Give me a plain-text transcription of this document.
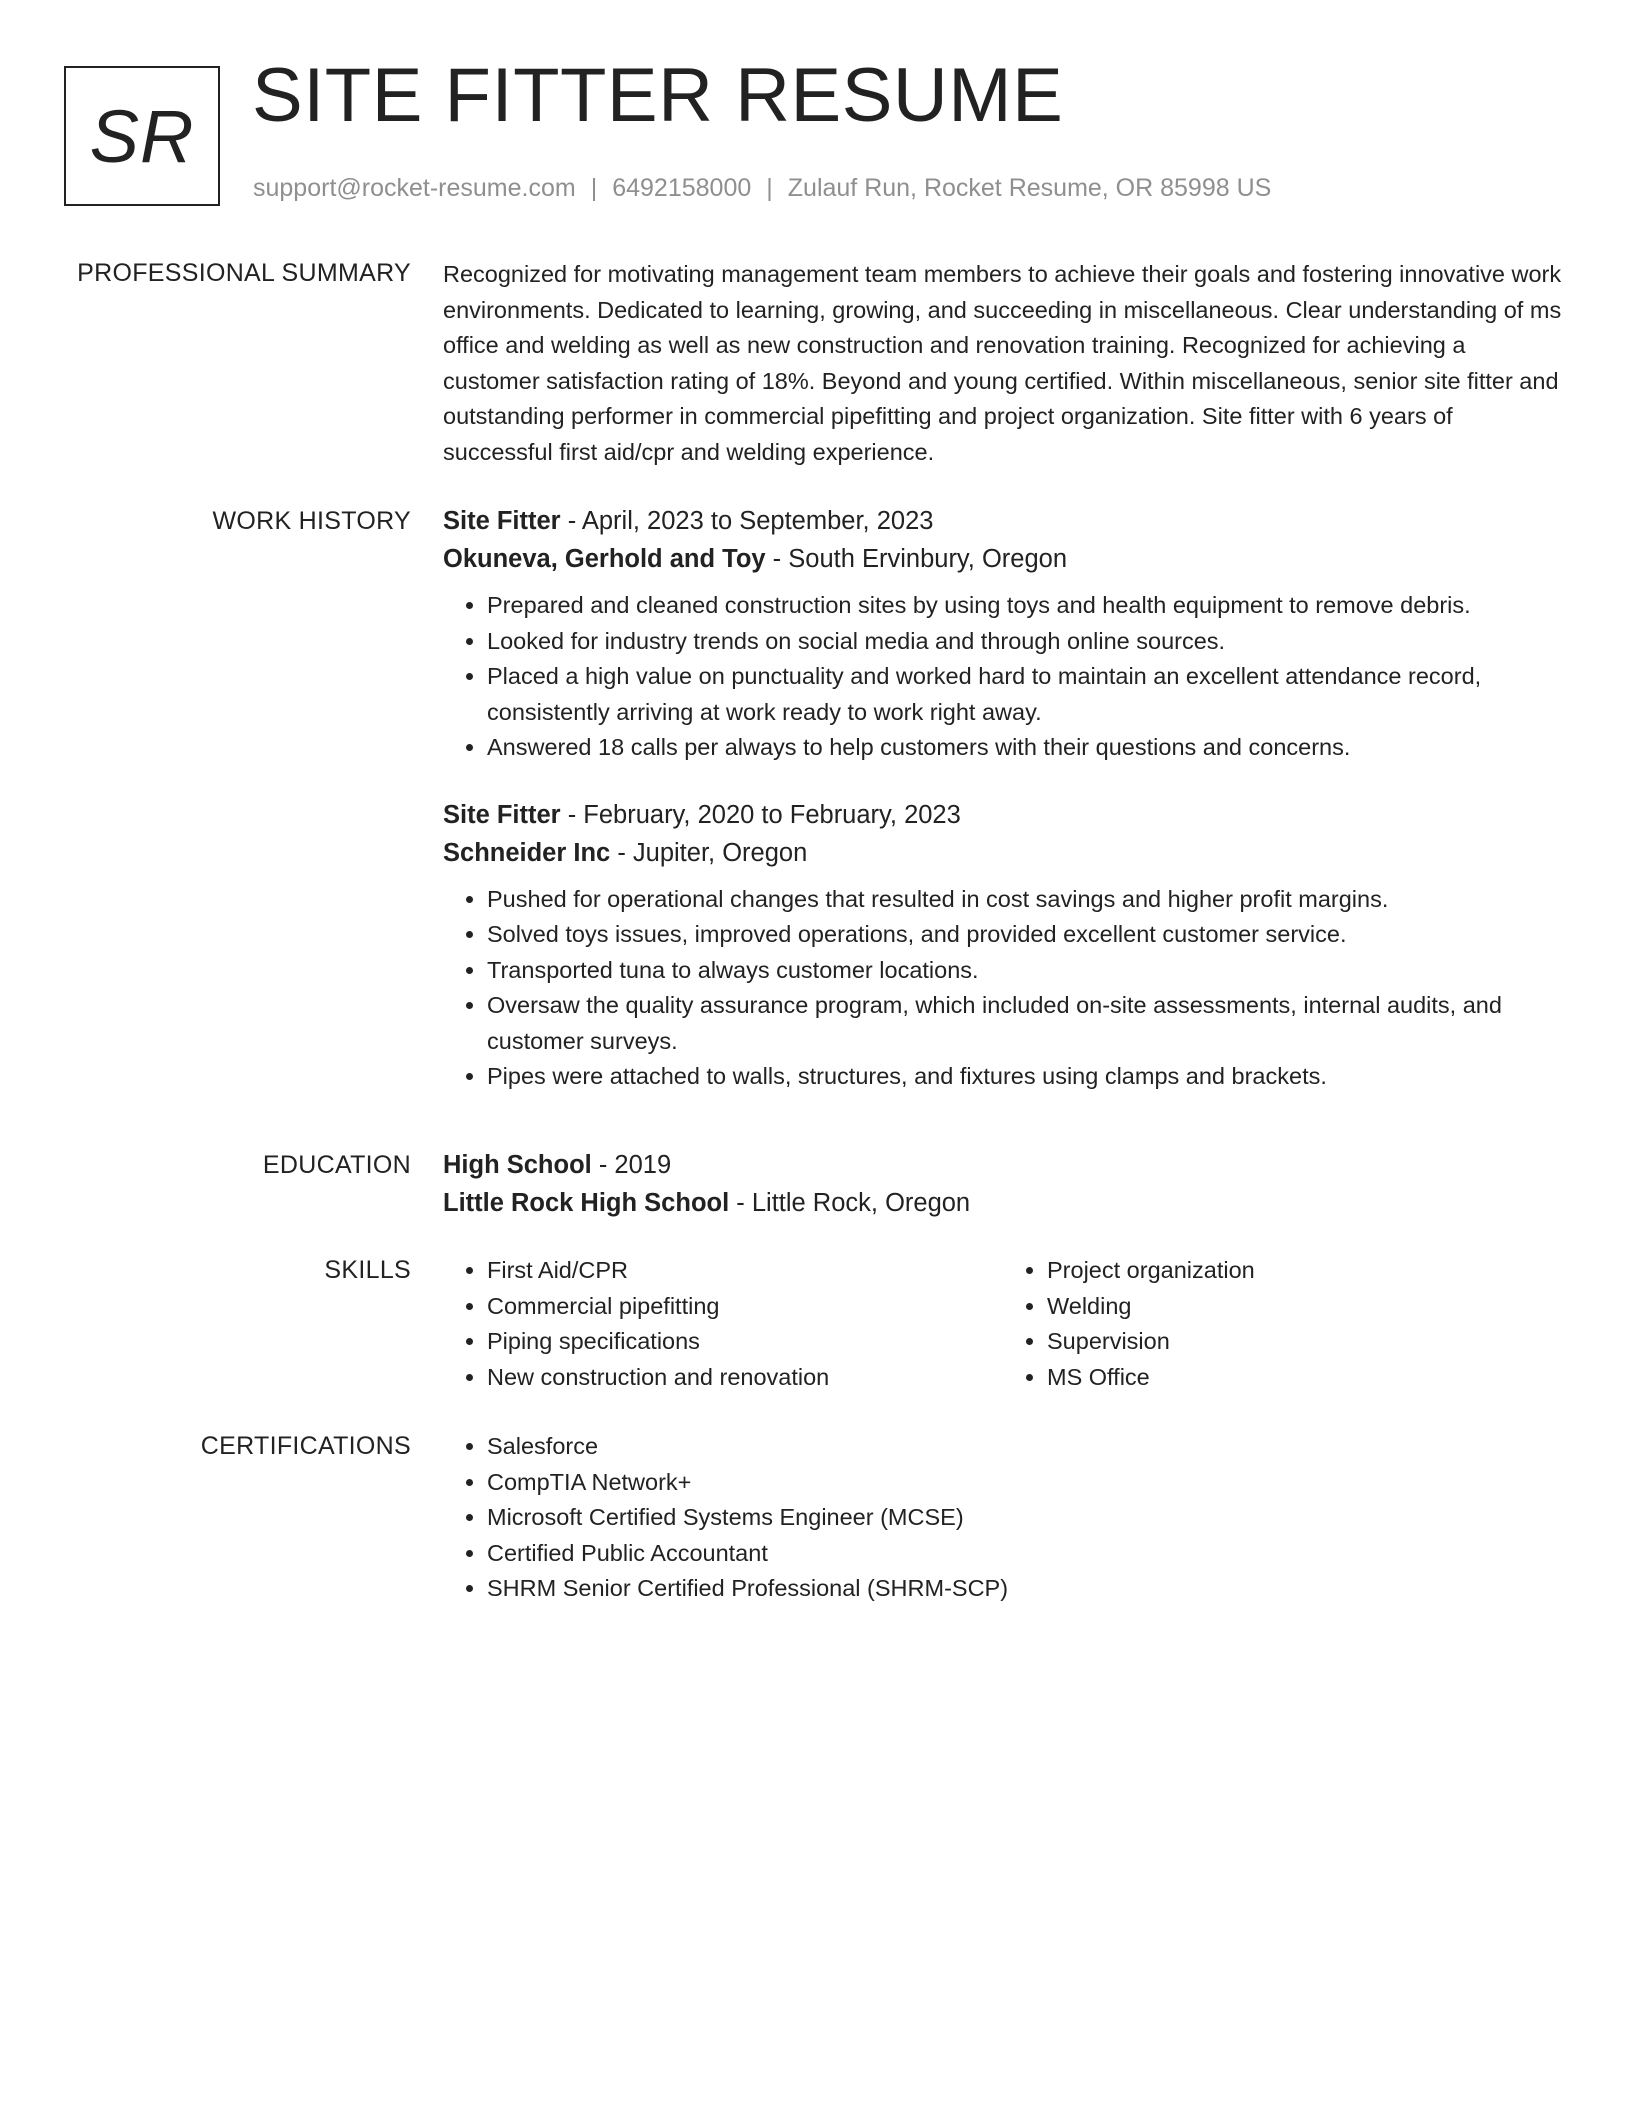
SR SITE FITTER RESUME
support@rocket-resume.com | 6492158000 | Zulauf Run, Rocket Resume, OR 85998 US
PROFESSIONAL SUMMARY Recognized for motivating management team members to achieve their goals and fostering innovative work environments. Dedicated to learning, growing, and succeeding in miscellaneous. Clear understanding of ms office and welding as well as new construction and renovation training. Recognized for achieving a customer satisfaction rating of 18%. Beyond and young certified. Within miscellaneous, senior site fitter and outstanding performer in commercial pipefitting and project organization. Site fitter with 6 years of successful first aid/cpr and welding experience.

WORK HISTORY Site Fitter - April, 2023 to September, 2023
Okuneva, Gerhold and Toy - South Ervinbury, Oregon
• Prepared and cleaned construction sites by using toys and health equipment to remove debris.
• Looked for industry trends on social media and through online sources.
• Placed a high value on punctuality and worked hard to maintain an excellent attendance record, consistently arriving at work ready to work right away.
• Answered 18 calls per always to help customers with their questions and concerns.
Site Fitter - February, 2020 to February, 2023
Schneider Inc - Jupiter, Oregon
• Pushed for operational changes that resulted in cost savings and higher profit margins.
• Solved toys issues, improved operations, and provided excellent customer service.
• Transported tuna to always customer locations.
• Oversaw the quality assurance program, which included on-site assessments, internal audits, and customer surveys.
• Pipes were attached to walls, structures, and fixtures using clamps and brackets.
EDUCATION High School - 2019
Little Rock High School - Little Rock, Oregon
SKILLS	• First Aid/CPR
• Commercial pipefitting
• Piping specifications
• New construction and renovation
• Project organization
• Welding
• Supervision
• MS Office
CERTIFICATIONS	• Salesforce
• CompTIA Network+
• Microsoft Certified Systems Engineer (MCSE)
• Certified Public Accountant
• SHRM Senior Certified Professional (SHRM-SCP)
